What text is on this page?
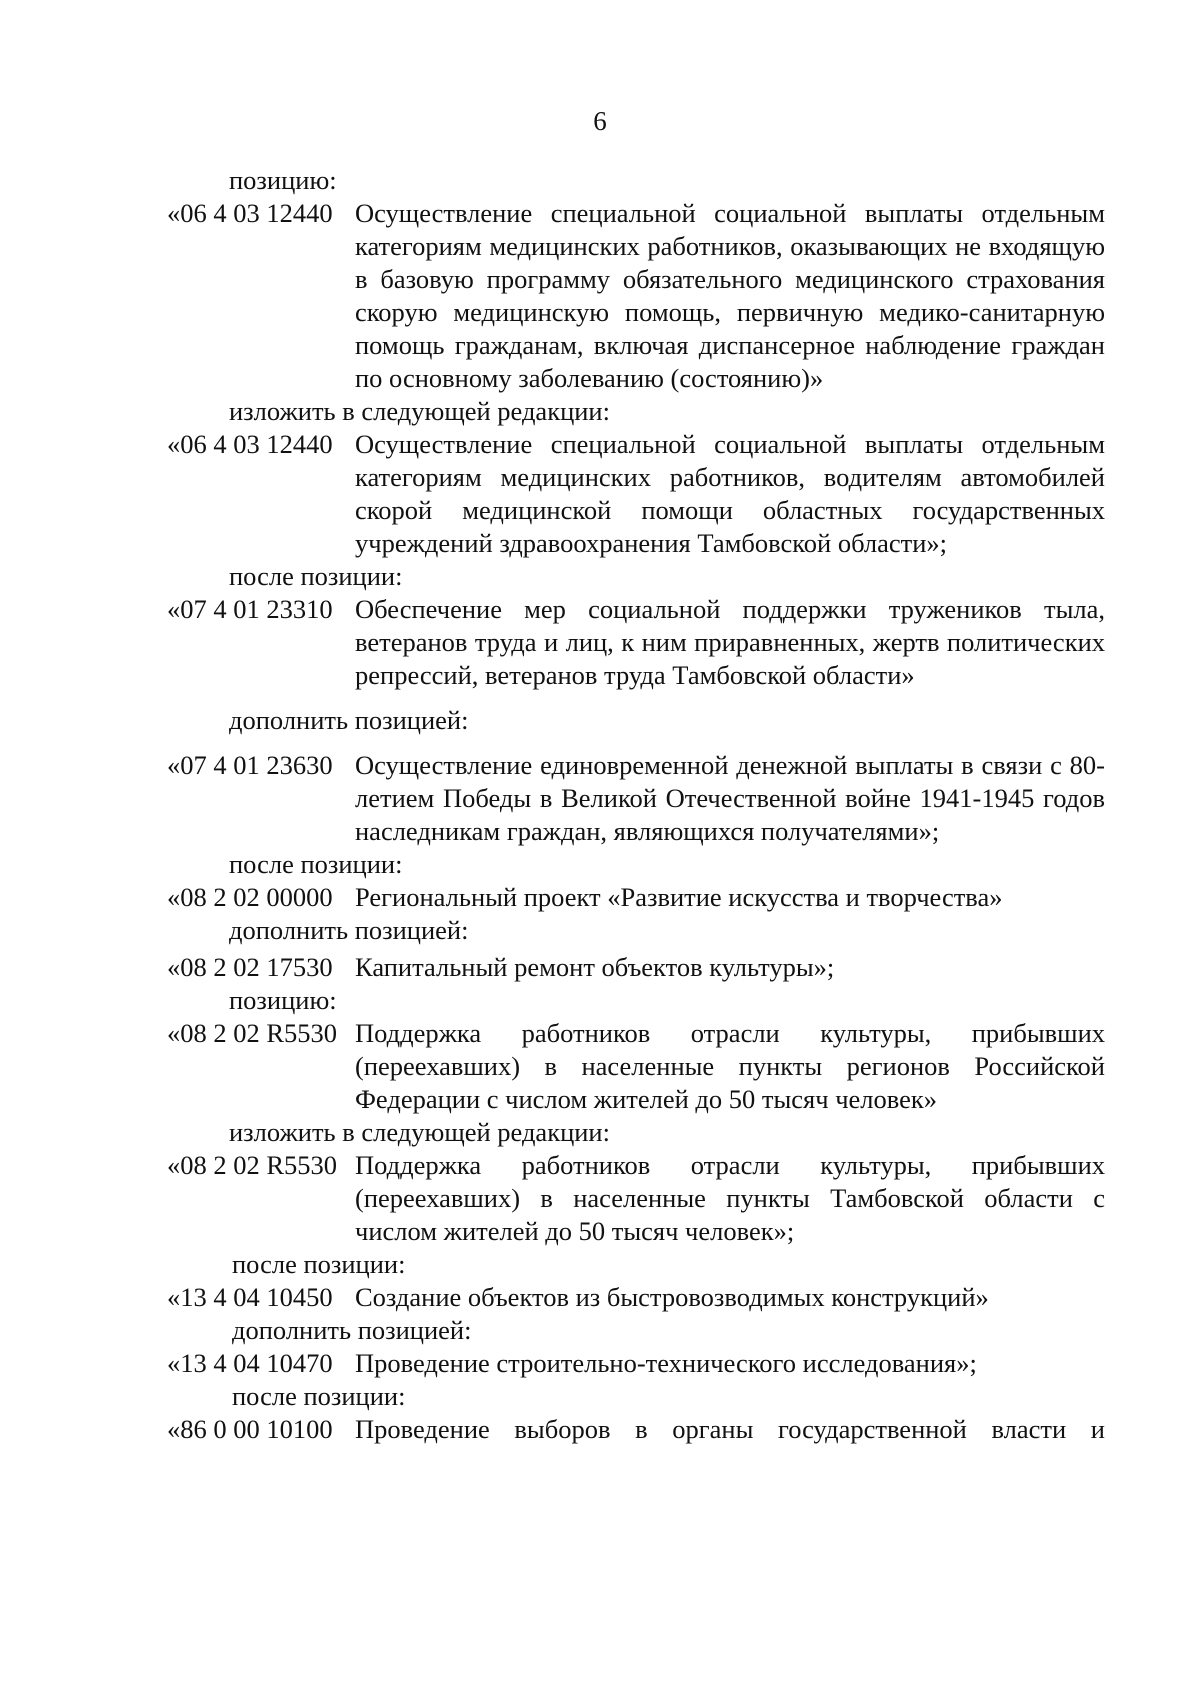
6
позицию:
«06 4 03 12440 Осуществление специальной социальной выплаты отдельным категориям медицинских работников, оказывающих не входящую в базовую программу обязательного медицинского страхования скорую медицинскую помощь, первичную медико-санитарную помощь гражданам, включая диспансерное наблюдение граждан по основному заболеванию (состоянию)»
изложить в следующей редакции:
«06 4 03 12440 Осуществление специальной социальной выплаты отдельным категориям медицинских работников, водителям автомобилей скорой медицинской помощи областных государственных учреждений здравоохранения Тамбовской области»;
после позиции:
«07 4 01 23310 Обеспечение мер социальной поддержки тружеников тыла, ветеранов труда и лиц, к ним приравненных, жертв политических репрессий, ветеранов труда Тамбовской области»
дополнить позицией:
«07 4 01 23630 Осуществление единовременной денежной выплаты в связи с 80-летием Победы в Великой Отечественной войне 1941-1945 годов наследникам граждан, являющихся получателями»;
после позиции:
«08 2 02 00000 Региональный проект «Развитие искусства и творчества»
дополнить позицией:
«08 2 02 17530 Капитальный ремонт объектов культуры»;
позицию:
«08 2 02 R5530 Поддержка работников отрасли культуры, прибывших (переехавших) в населенные пункты регионов Российской Федерации с числом жителей до 50 тысяч человек»
изложить в следующей редакции:
«08 2 02 R5530 Поддержка работников отрасли культуры, прибывших (переехавших) в населенные пункты Тамбовской области с числом жителей до 50 тысяч человек»;
после позиции:
«13 4 04 10450 Создание объектов из быстровозводимых конструкций»
дополнить позицией:
«13 4 04 10470 Проведение строительно-технического исследования»;
после позиции:
«86 0 00 10100 Проведение выборов в органы государственной власти и
